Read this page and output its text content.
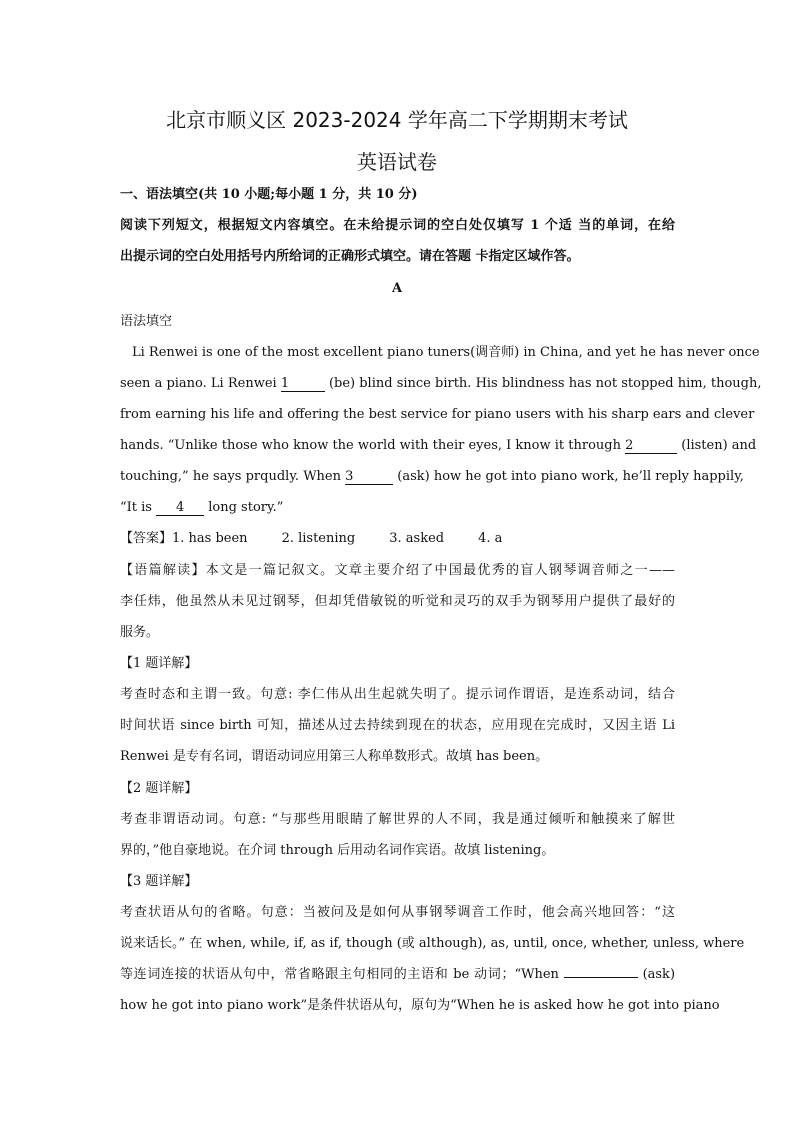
北京市顺义区 2023-2024 学年高二下学期期末考试
英语试卷
一、语法填空(共 10 小题;每小题 1 分，共 10 分)
阅读下列短文，根据短文内容填空。在未给提示词的空白处仅填写 1 个适 当的单词，在给
出提示词的空白处用括号内所给词的正确形式填空。请在答题 卡指定区域作答。
A
语法填空
Li Renwei is one of the most excellent piano tuners(调音师) in China, and yet he has never once
seen a piano. Li Renwei 1	(be) blind since birth. His blindness has not stopped him, though,
from earning his life and offering the best service for piano users with his sharp ears and clever
hands. “Unlike those who know the world with their eyes, I know it through 2	(listen) and
touching,” he says prqudly. When 3	(ask) how he got into piano work, he’ll reply happily,
“It is 4 long story.”
【答案】1. has been	2. listening	3. asked	4. a
【语篇解读】本文是一篇记叙文。文章主要介绍了中国最优秀的盲人钢琴调音师之一——
李任炜，他虽然从未见过钢琴，但却凭借敏锐的听觉和灵巧的双手为钢琴用户提供了最好的
服务。
【1 题详解】
考查时态和主谓一致。句意: 李仁伟从出生起就失明了。提示词作谓语，是连系动词，结合
时间状语 since birth 可知，描述从过去持续到现在的状态，应用现在完成时，又因主语 Li
Renwei 是专有名词，谓语动词应用第三人称单数形式。故填 has been。
【2 题详解】
考查非谓语动词。句意: “与那些用眼睛了解世界的人不同，我是通过倾听和触摸来了解世
界的，”他自豪地说。在介词 through 后用动名词作宾语。故填 listening。
【3 题详解】
考查状语从句的省略。句意：当被问及是如何从事钢琴调音工作时，他会高兴地回答：“这
说来话长。” 在 when, while, if, as if, though (或 although), as, until, once, whether, unless, where
等连词连接的状语从句中，常省略跟主句相同的主语和 be 动词；“When	(ask)
how he got into piano work”是条件状语从句，原句为“When he is asked how he got into piano
